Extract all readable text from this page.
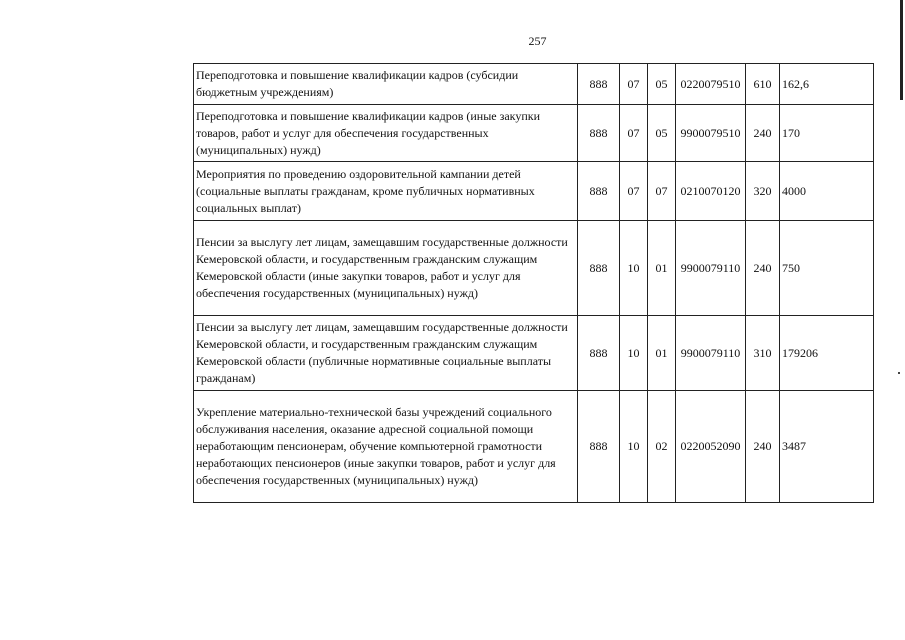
257
Переподготовка и повышение квалификации кадров (субсидии бюджетным учреждениям)	888	07	05	0220079510	610	162,6
Переподготовка и повышение квалификации кадров (иные закупки товаров, работ и услуг для обеспечения государственных (муниципальных) нужд)	888	07	05	9900079510	240	170
Мероприятия по проведению оздоровительной кампании детей (социальные выплаты гражданам, кроме публичных нормативных социальных выплат)	888	07	07	0210070120	320	4000
Пенсии за выслугу лет лицам, замещавшим государственные должности Кемеровской области, и государственным гражданским служащим Кемеровской области (иные закупки товаров, работ и услуг для обеспечения государственных (муниципальных) нужд)	888	10	01	9900079110	240	750
Пенсии за выслугу лет лицам, замещавшим государственные должности Кемеровской области, и государственным гражданским служащим Кемеровской области (публичные нормативные социальные выплаты гражданам)	888	10	01	9900079110	310	179206
Укрепление материально-технической базы учреждений социального обслуживания населения, оказание адресной социальной помощи неработающим пенсионерам, обучение компьютерной грамотности неработающих пенсионеров (иные закупки товаров, работ и услуг для обеспечения государственных (муниципальных) нужд)	888	10	02	0220052090	240	3487
